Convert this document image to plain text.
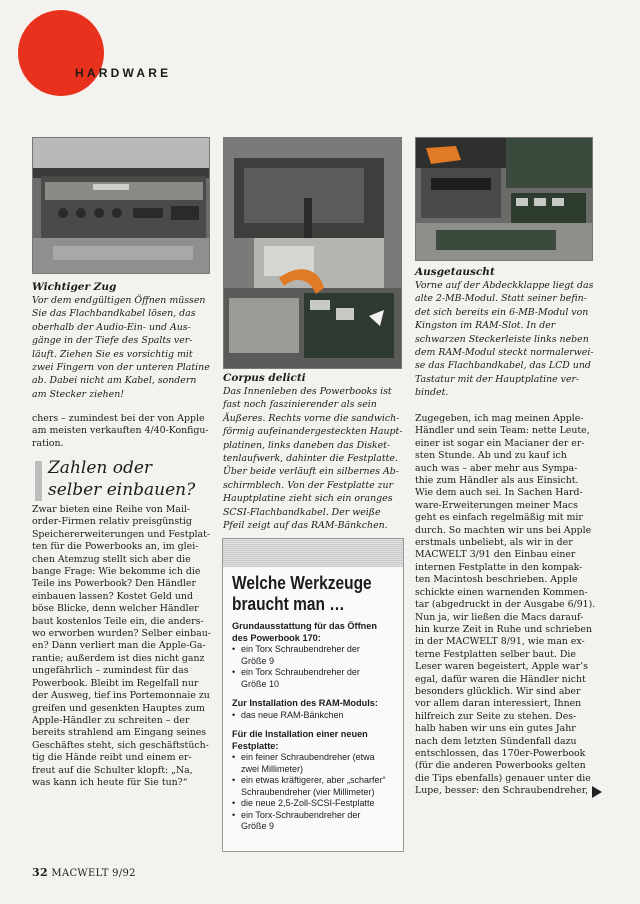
HARDWARE
Wichtiger Zug
Vor dem endgültigen Öffnen müssen
Sie das Flachbandkabel lösen, das
oberhalb der Audio-Ein- und Aus-
gänge in der Tiefe des Spalts ver-
läuft. Ziehen Sie es vorsichtig mit
zwei Fingern von der unteren Platine
ab. Dabei nicht am Kabel, sondern
am Stecker ziehen!
Corpus delicti
Das Innenleben des Powerbooks ist
fast noch faszinierender als sein
Äußeres. Rechts vorne die sandwich-
förmig aufeinandergesteckten Haupt-
platinen, links daneben das Disket-
tenlaufwerk, dahinter die Festplatte.
Über beide verläuft ein silbernes Ab-
schirmblech. Von der Festplatte zur
Hauptplatine zieht sich ein oranges
SCSI-Flachbandkabel. Der weiße
Pfeil zeigt auf das RAM-Bänkchen.
Ausgetauscht
Vorne auf der Abdeckklappe liegt das
alte 2-MB-Modul. Statt seiner befin-
det sich bereits ein 6-MB-Modul von
Kingston im RAM-Slot. In der
schwarzen Steckerleiste links neben
dem RAM-Modul steckt normalerwei-
se das Flachbandkabel, das LCD und
Tastatur mit der Hauptplatine ver-
bindet.
chers – zumindest bei der von Apple
am meisten verkauften 4/40-Konfigu-
ration.
Zahlen oder
selber einbauen?
Zwar bieten eine Reihe von Mail-
order-Firmen relativ preisgünstig
Speichererweiterungen und Festplat-
ten für die Powerbooks an, im glei-
chen Atemzug stellt sich aber die
bange Frage: Wie bekomme ich die
Teile ins Powerbook? Den Händler
einbauen lassen? Kostet Geld und
böse Blicke, denn welcher Händler
baut kostenlos Teile ein, die anders-
wo erworben wurden? Selber einbau-
en? Dann verliert man die Apple-Ga-
rantie; außerdem ist dies nicht ganz
ungefährlich – zumindest für das
Powerbook. Bleibt im Regelfall nur
der Ausweg, tief ins Portemonnaie zu
greifen und gesenkten Hauptes zum
Apple-Händler zu schreiten – der
bereits strahlend am Eingang seines
Geschäftes steht, sich geschäftstüch-
tig die Hände reibt und einem er-
freut auf die Schulter klopft: „Na,
was kann ich heute für Sie tun?“
Welche Werkzeuge
braucht man …
Grundausstattung für das Öffnen
des Powerbook 170:
• ein Torx Schraubendreher der
Größe 9
• ein Torx Schraubendreher der
Größe 10
Zur Installation des RAM-Moduls:
• das neue RAM-Bänkchen
Für die Installation einer neuen
Festplatte:
• ein feiner Schraubendreher (etwa
zwei Millimeter)
• ein etwas kräftigerer, aber „scharfer“
Schraubendreher (vier Millimeter)
• die neue 2,5-Zoll-SCSI-Festplatte
• ein Torx-Schraubendreher der
Größe 9
Zugegeben, ich mag meinen Apple-
Händler und sein Team: nette Leute,
einer ist sogar ein Macianer der er-
sten Stunde. Ab und zu kauf ich
auch was – aber mehr aus Sympa-
thie zum Händler als aus Einsicht.
Wie dem auch sei. In Sachen Hard-
ware-Erweiterungen meiner Macs
geht es einfach regelmäßig mit mir
durch. So machten wir uns bei Apple
erstmals unbeliebt, als wir in der
MACWELT 3/91 den Einbau einer
internen Festplatte in den kompak-
ten Macintosh beschrieben. Apple
schickte einen warnenden Kommen-
tar (abgedruckt in der Ausgabe 6/91).
Nun ja, wir ließen die Macs darauf-
hin kurze Zeit in Ruhe und schrieben
in der MACWELT 8/91, wie man ex-
terne Festplatten selber baut. Die
Leser waren begeistert, Apple war’s
egal, dafür waren die Händler nicht
besonders glücklich. Wir sind aber
vor allem daran interessiert, Ihnen
hilfreich zur Seite zu stehen. Des-
halb haben wir uns ein gutes Jahr
nach dem letzten Sündenfall dazu
entschlossen, das 170er-Powerbook
(für die anderen Powerbooks gelten
die Tips ebenfalls) genauer unter die
Lupe, besser: den Schraubendreher,
32 MACWELT 9/92
